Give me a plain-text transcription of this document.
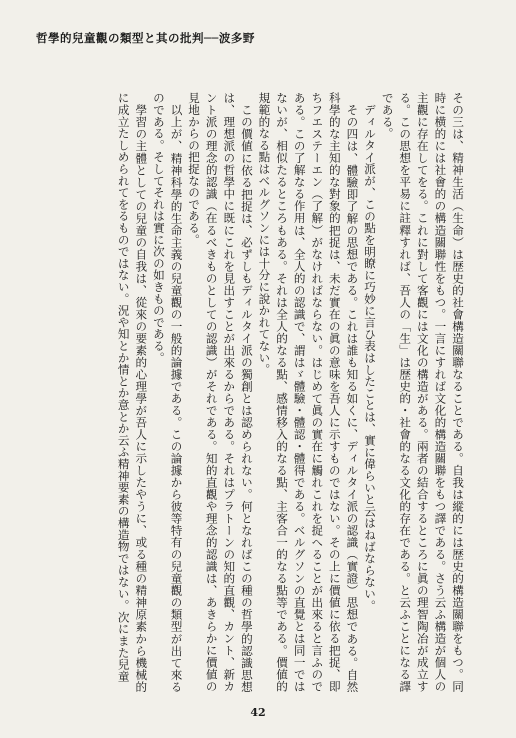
哲學的兒童觀の類型と其の批判──波多野

その三は、精神生活（生命）は歴史的社會構造關聯なることである。自我は縱的には歴史的構造關聯をもつ。同時に横的には社會的の構造關聯性をもつ。一言にすれば文化的構造關聯をもつ譯である。さう云ふ構造が個人の主觀に存在してをる。これに對して客觀には文化の構造がある。兩者の結合するところに眞の理智陶冶が成立する。この思想を平易に註釋すれば、吾人の「生」は歴史的・社會的なる文化的存在である。と云ふことになる譯である。

ディルタイ派が、この點を明瞭に巧妙に言ひ表はしたことは、實に偉らいと云はねばならない。

その四は、體驗即了解の思想である。これは誰も知る如くに、ディルタイ派の認識（實證）思想である。自然科學的な主知的な對象的把捉は、未だ實在の眞の意味を吾人に示すものではない。その上に價値に依る把捉、即ちフエステーエン（了解）がなければならない。はじめて眞の實在に觸れこれを捉へることが出來ると言ふのである。この了解なる作用は、全人的の認識で、謂はゞ體驗・體認・體得である。ベルグソンの直覺とは同一ではないが、相似たるところもある。それは全人的なる點、感情移入的なる點、主客合一的なる點等である。價値的規範的なる點はベルグソンには十分に說かれてない。

この價値に依る把捉は、必ずしもディルタイ派の獨創とは認められない。何となればこの種の哲學的認識思想は、理想派の哲學中に既にこれを見出すことが出來るからである。それはプラトーンの知的直觀、カント、新カント派の理念的認識（在るべきものとしての認識）がそれである。知的直觀や理念的認識は、あきらかに價値の見地からの把捉なのである。

以上が、精神科學的生命主義の兒童觀の一般的論據である。この論據から彼等特有の兒童觀の類型が出て來るのである。そしてそれは實に次の如きものである。

學習の主體としての兒童の自我は、從來の要素的心理學が吾人に示したやうに、或る種の精神原素から機械的に成立たしめられてをるものではない。況や知とか情とか意とか云ふ精神要素の構造物ではない。次にまた兒童

42
